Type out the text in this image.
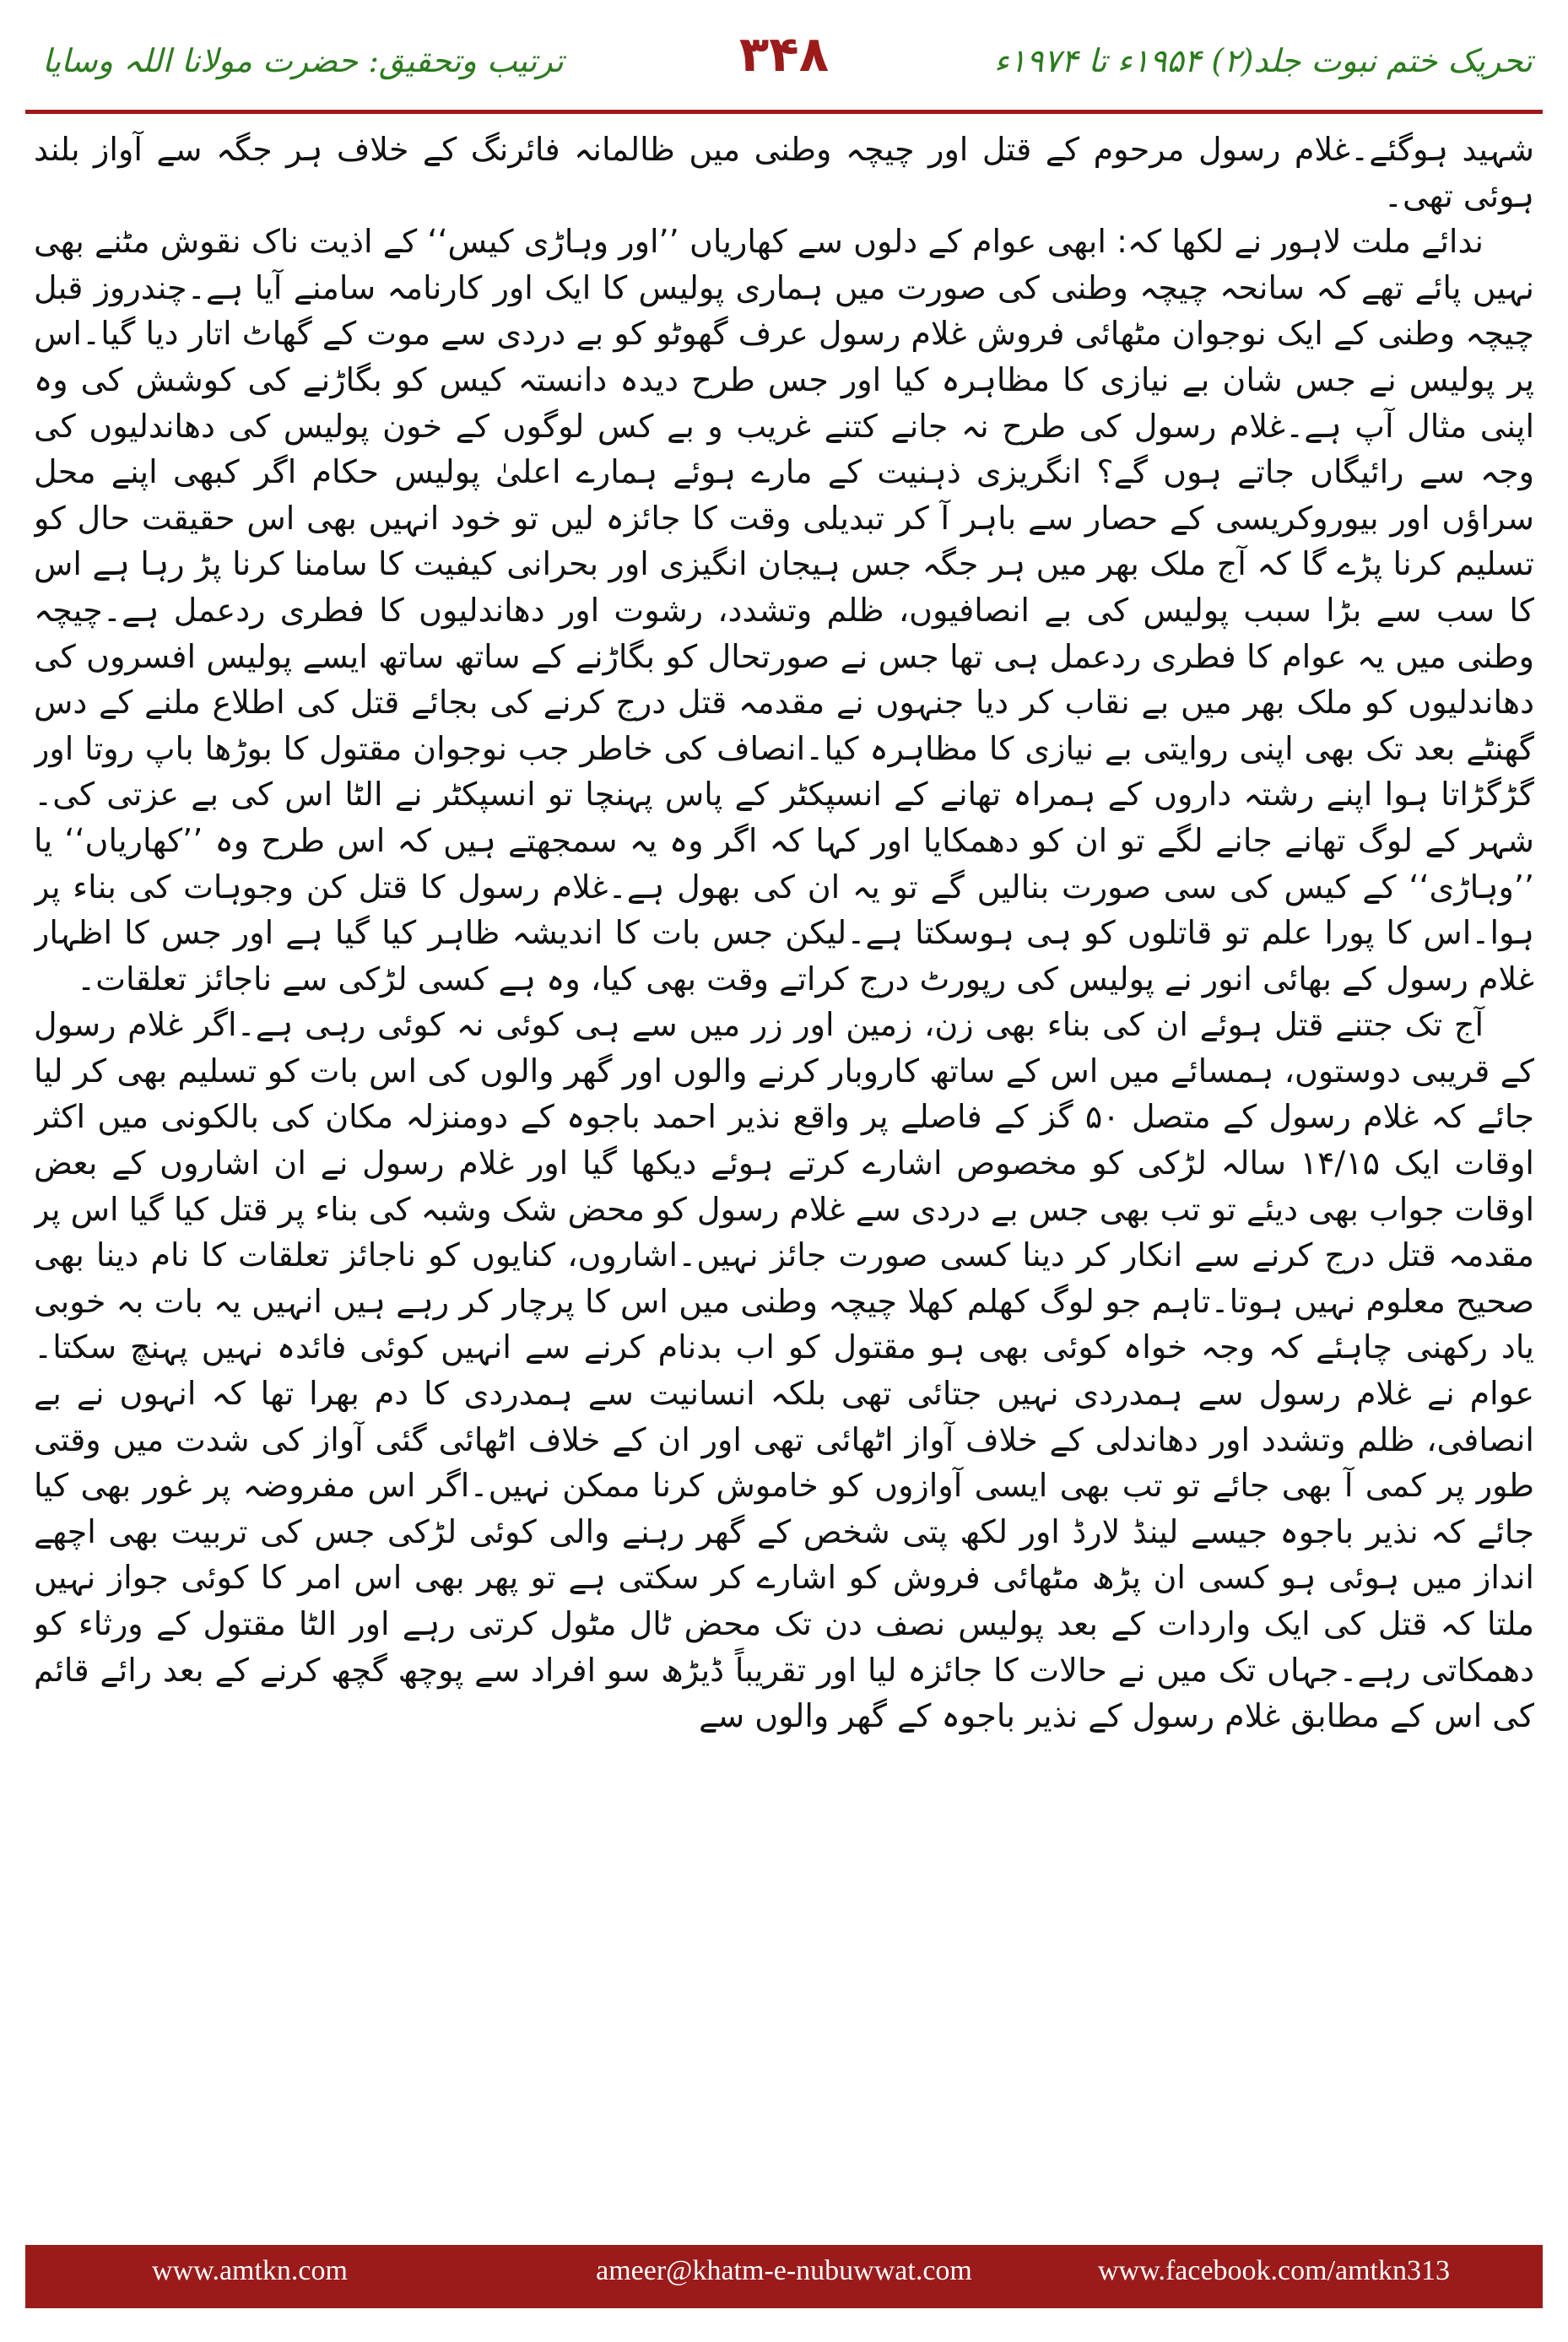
ترتیب وتحقیق: حضرت مولانا اللہ وسایا	۳۴۸	تحریک ختم نبوت جلد(۲) ۱۹۵۴ء تا ۱۹۷۴ء

شہید ہوگئے۔غلام رسول مرحوم کے قتل اور چیچہ وطنی میں ظالمانہ فائرنگ کے خلاف ہر جگہ سے آواز بلند ہوئی تھی۔

ندائے ملت لاہور نے لکھا کہ: ابھی عوام کے دلوں سے کھاریاں ’’اور وہاڑی کیس‘‘ کے اذیت ناک نقوش مٹنے بھی نہیں پائے تھے کہ سانحہ چیچہ وطنی کی صورت میں ہماری پولیس کا ایک اور کارنامہ سامنے آیا ہے۔چندروز قبل چیچہ وطنی کے ایک نوجوان مٹھائی فروش غلام رسول عرف گھوٹو کو بے دردی سے موت کے گھاٹ اتار دیا گیا۔اس پر پولیس نے جس شان بے نیازی کا مظاہرہ کیا اور جس طرح دیدہ دانستہ کیس کو بگاڑنے کی کوشش کی وہ اپنی مثال آپ ہے۔غلام رسول کی طرح نہ جانے کتنے غریب و بے کس لوگوں کے خون پولیس کی دھاندلیوں کی وجہ سے رائیگاں جاتے ہوں گے؟ انگریزی ذہنیت کے مارے ہوئے ہمارے اعلیٰ پولیس حکام اگر کبھی اپنے محل سراؤں اور بیوروکریسی کے حصار سے باہر آ کر تبدیلی وقت کا جائزہ لیں تو خود انہیں بھی اس حقیقت حال کو تسلیم کرنا پڑے گا کہ آج ملک بھر میں ہر جگہ جس ہیجان انگیزی اور بحرانی کیفیت کا سامنا کرنا پڑ رہا ہے اس کا سب سے بڑا سبب پولیس کی بے انصافیوں، ظلم وتشدد، رشوت اور دھاندلیوں کا فطری ردعمل ہے۔چیچہ وطنی میں یہ عوام کا فطری ردعمل ہی تھا جس نے صورتحال کو بگاڑنے کے ساتھ ساتھ ایسے پولیس افسروں کی دھاندلیوں کو ملک بھر میں بے نقاب کر دیا جنہوں نے مقدمہ قتل درج کرنے کی بجائے قتل کی اطلاع ملنے کے دس گھنٹے بعد تک بھی اپنی روایتی بے نیازی کا مظاہرہ کیا۔انصاف کی خاطر جب نوجوان مقتول کا بوڑھا باپ روتا اور گڑگڑاتا ہوا اپنے رشتہ داروں کے ہمراہ تھانے کے انسپکٹر کے پاس پہنچا تو انسپکٹر نے الٹا اس کی بے عزتی کی۔شہر کے لوگ تھانے جانے لگے تو ان کو دھمکایا اور کہا کہ اگر وہ یہ سمجھتے ہیں کہ اس طرح وہ ’’کھاریاں‘‘ یا ’’وہاڑی‘‘ کے کیس کی سی صورت بنالیں گے تو یہ ان کی بھول ہے۔غلام رسول کا قتل کن وجوہات کی بناء پر ہوا۔اس کا پورا علم تو قاتلوں کو ہی ہوسکتا ہے۔لیکن جس بات کا اندیشہ ظاہر کیا گیا ہے اور جس کا اظہار غلام رسول کے بھائی انور نے پولیس کی رپورٹ درج کراتے وقت بھی کیا، وہ ہے کسی لڑکی سے ناجائز تعلقات۔

آج تک جتنے قتل ہوئے ان کی بناء بھی زن، زمین اور زر میں سے ہی کوئی نہ کوئی رہی ہے۔اگر غلام رسول کے قریبی دوستوں، ہمسائے میں اس کے ساتھ کاروبار کرنے والوں اور گھر والوں کی اس بات کو تسلیم بھی کر لیا جائے کہ غلام رسول کے متصل ۵۰ گز کے فاصلے پر واقع نذیر احمد باجوہ کے دومنزلہ مکان کی بالکونی میں اکثر اوقات ایک ۱۴/۱۵ سالہ لڑکی کو مخصوص اشارے کرتے ہوئے دیکھا گیا اور غلام رسول نے ان اشاروں کے بعض اوقات جواب بھی دیئے تو تب بھی جس بے دردی سے غلام رسول کو محض شک وشبہ کی بناء پر قتل کیا گیا اس پر مقدمہ قتل درج کرنے سے انکار کر دینا کسی صورت جائز نہیں۔اشاروں، کنایوں کو ناجائز تعلقات کا نام دینا بھی صحیح معلوم نہیں ہوتا۔تاہم جو لوگ کھلم کھلا چیچہ وطنی میں اس کا پرچار کر رہے ہیں انہیں یہ بات بہ خوبی یاد رکھنی چاہئے کہ وجہ خواہ کوئی بھی ہو مقتول کو اب بدنام کرنے سے انہیں کوئی فائدہ نہیں پہنچ سکتا۔عوام نے غلام رسول سے ہمدردی نہیں جتائی تھی بلکہ انسانیت سے ہمدردی کا دم بھرا تھا کہ انہوں نے بے انصافی، ظلم وتشدد اور دھاندلی کے خلاف آواز اٹھائی تھی اور ان کے خلاف اٹھائی گئی آواز کی شدت میں وقتی طور پر کمی آ بھی جائے تو تب بھی ایسی آوازوں کو خاموش کرنا ممکن نہیں۔اگر اس مفروضہ پر غور بھی کیا جائے کہ نذیر باجوہ جیسے لینڈ لارڈ اور لکھ پتی شخص کے گھر رہنے والی کوئی لڑکی جس کی تربیت بھی اچھے انداز میں ہوئی ہو کسی ان پڑھ مٹھائی فروش کو اشارے کر سکتی ہے تو پھر بھی اس امر کا کوئی جواز نہیں ملتا کہ قتل کی ایک واردات کے بعد پولیس نصف دن تک محض ٹال مٹول کرتی رہے اور الٹا مقتول کے ورثاء کو دھمکاتی رہے۔جہاں تک میں نے حالات کا جائزہ لیا اور تقریباً ڈیڑھ سو افراد سے پوچھ گچھ کرنے کے بعد رائے قائم کی اس کے مطابق غلام رسول کے نذیر باجوہ کے گھر والوں سے

www.amtkn.com	ameer@khatm-e-nubuwwat.com	www.facebook.com/amtkn313
